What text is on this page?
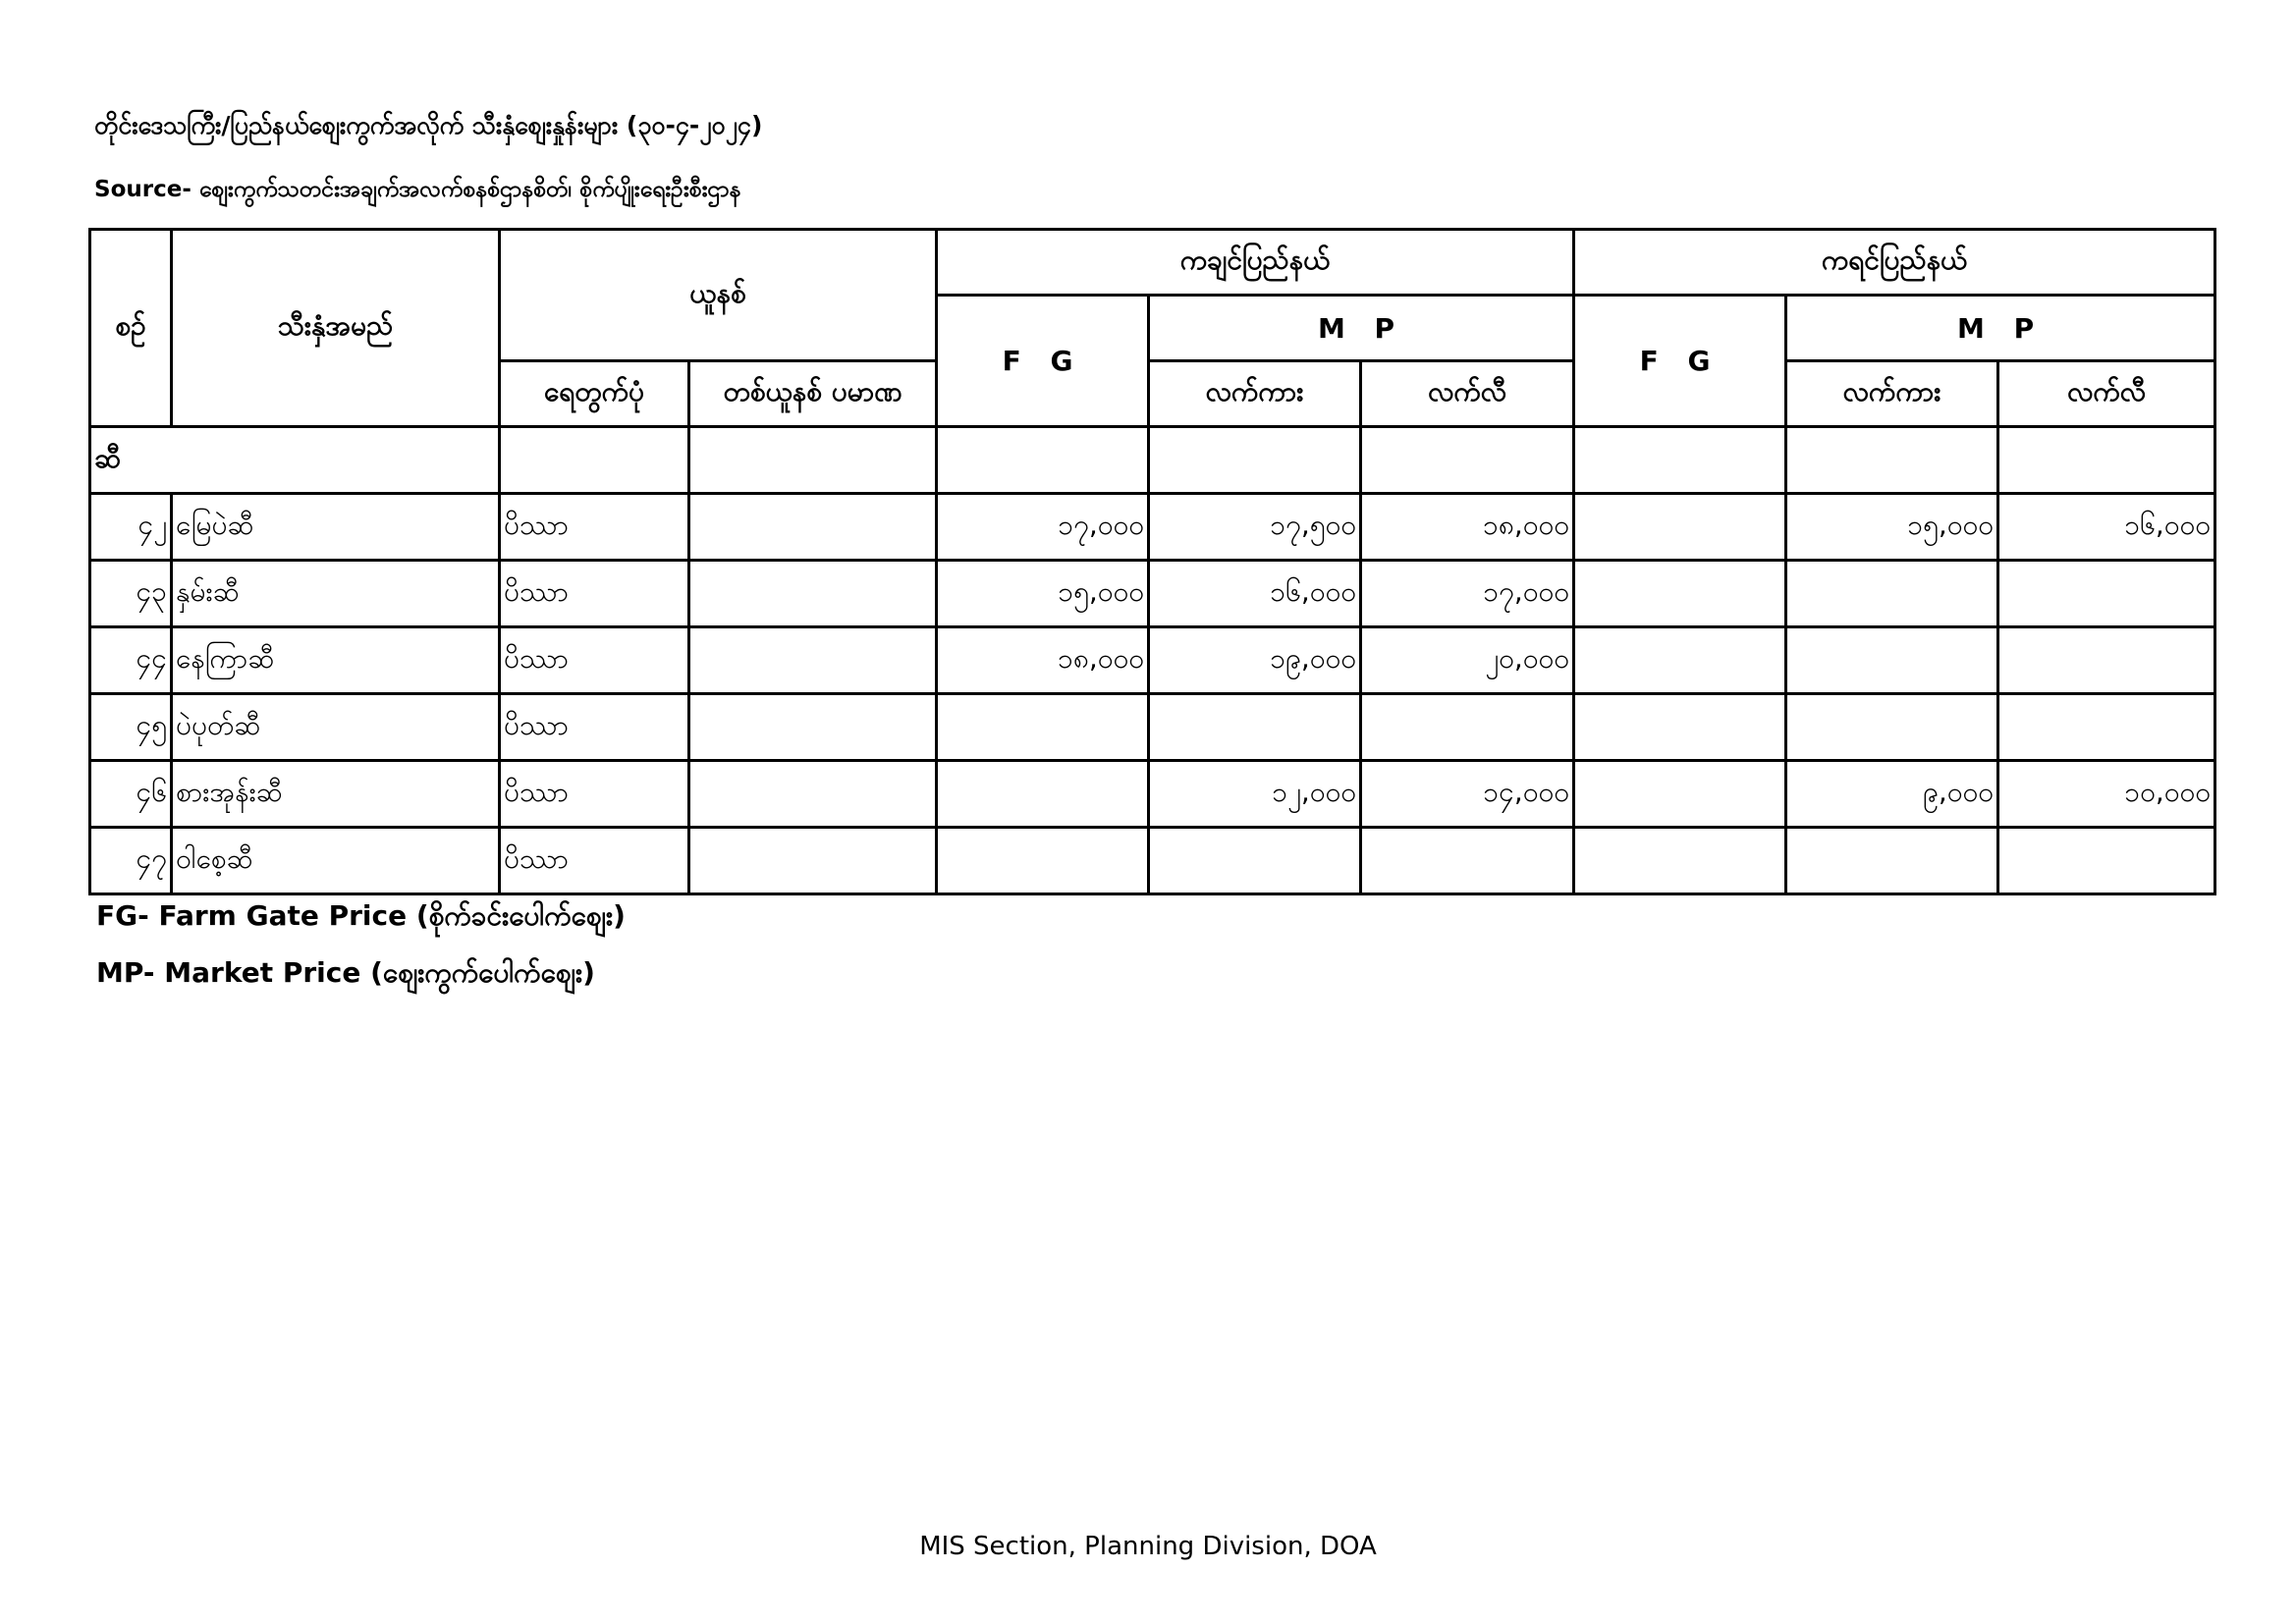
တိုင်းဒေသကြီး/ပြည်နယ်စျေးကွက်အလိုက် သီးနှံစျေးနှုန်းများ (၃၀-၄-၂၀၂၄)
Source- စျေးကွက်သတင်းအချက်အလက်စနစ်ဌာနစိတ်၊ စိုက်ပျိုးရေးဦးစီးဌာန
စဉ်	သီးနှံအမည်	ယူနစ်		ကချင်ပြည်နယ်			ကရင်ပြည်နယ်		
				F G	M P		F G	M P	
		ရေတွက်ပုံ	တစ်ယူနစ် ပမာဏ		လက်ကား	လက်လီ		လက်ကား	လက်လီ
ဆီ									
၄၂	မြေပဲဆီ	ပိဿာ		၁၇,၀၀၀	၁၇,၅၀၀	၁၈,၀၀၀		၁၅,၀၀၀	၁၆,၀၀၀
၄၃	နှမ်းဆီ	ပိဿာ		၁၅,၀၀၀	၁၆,၀၀၀	၁၇,၀၀၀			
၄၄	နေကြာဆီ	ပိဿာ		၁၈,၀၀၀	၁၉,၀၀၀	၂၀,၀၀၀			
၄၅	ပဲပုတ်ဆီ	ပိဿာ							
၄၆	စားအုန်းဆီ	ပိဿာ			၁၂,၀၀၀	၁၄,၀၀၀		၉,၀၀၀	၁၀,၀၀၀
၄၇	ဝါစေ့ဆီ	ပိဿာ							
FG- Farm Gate Price (စိုက်ခင်းပေါက်စျေး)
MP- Market Price (စျေးကွက်ပေါက်စျေး)
MIS Section, Planning Division, DOA
